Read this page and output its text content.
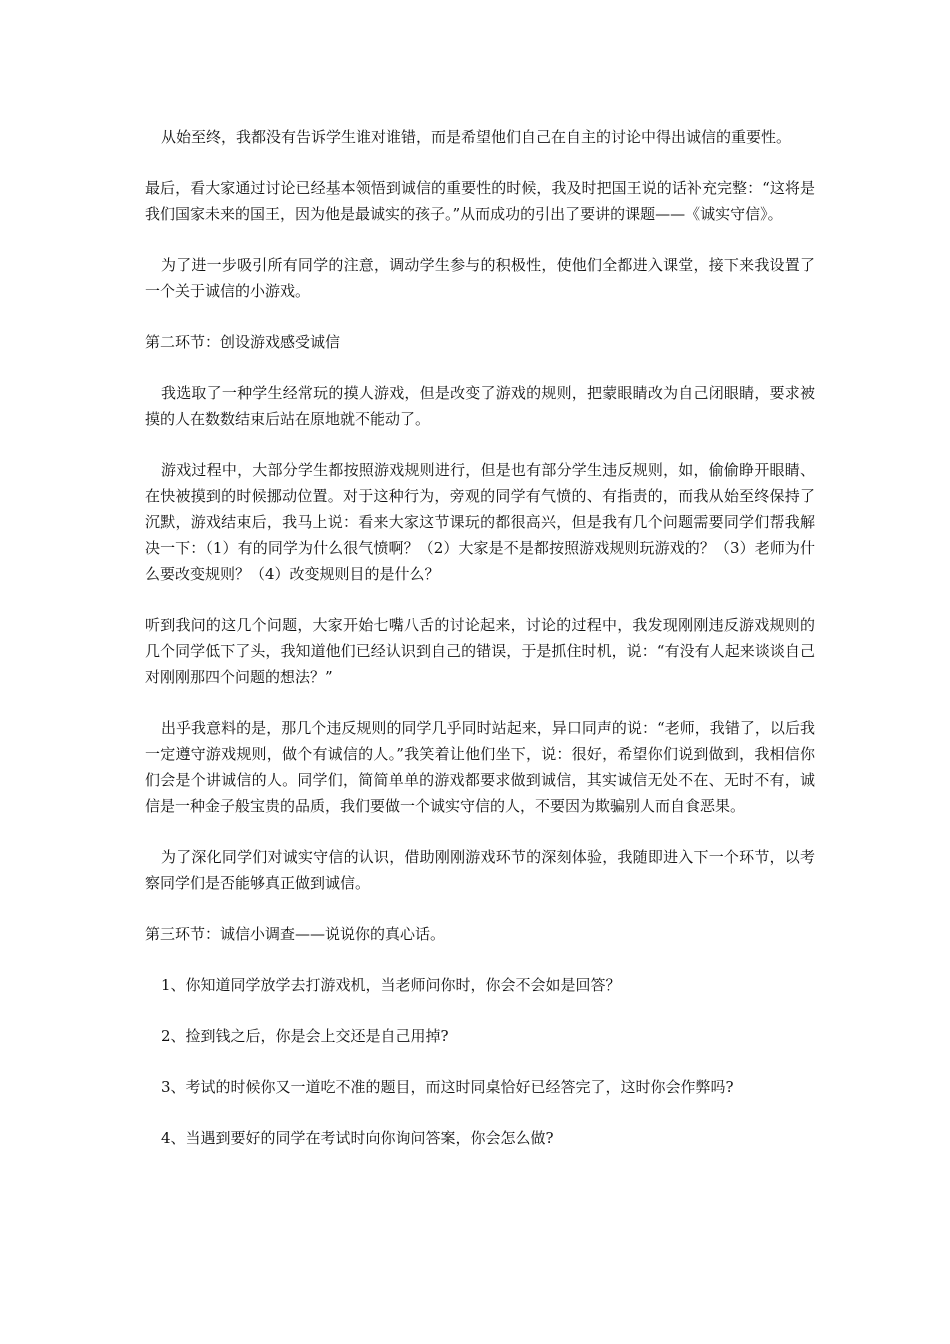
从始至终，我都没有告诉学生谁对谁错，而是希望他们自己在自主的讨论中得出诚信的重要性。

最后，看大家通过讨论已经基本领悟到诚信的重要性的时候，我及时把国王说的话补充完整：“这将是我们国家未来的国王，因为他是最诚实的孩子。”从而成功的引出了要讲的课题——《诚实守信》。

为了进一步吸引所有同学的注意，调动学生参与的积极性，使他们全都进入课堂，接下来我设置了一个关于诚信的小游戏。

第二环节：创设游戏感受诚信

我选取了一种学生经常玩的摸人游戏，但是改变了游戏的规则，把蒙眼睛改为自己闭眼睛，要求被摸的人在数数结束后站在原地就不能动了。

游戏过程中，大部分学生都按照游戏规则进行，但是也有部分学生违反规则，如，偷偷睁开眼睛、在快被摸到的时候挪动位置。对于这种行为，旁观的同学有气愤的、有指责的，而我从始至终保持了沉默，游戏结束后，我马上说：看来大家这节课玩的都很高兴，但是我有几个问题需要同学们帮我解决一下：（1）有的同学为什么很气愤啊？（2）大家是不是都按照游戏规则玩游戏的？（3）老师为什么要改变规则？（4）改变规则目的是什么？

听到我问的这几个问题，大家开始七嘴八舌的讨论起来，讨论的过程中，我发现刚刚违反游戏规则的几个同学低下了头，我知道他们已经认识到自己的错误，于是抓住时机，说：“有没有人起来谈谈自己对刚刚那四个问题的想法？”

出乎我意料的是，那几个违反规则的同学几乎同时站起来，异口同声的说：“老师，我错了，以后我一定遵守游戏规则，做个有诚信的人。”我笑着让他们坐下，说：很好，希望你们说到做到，我相信你们会是个讲诚信的人。同学们，简简单单的游戏都要求做到诚信，其实诚信无处不在、无时不有，诚信是一种金子般宝贵的品质，我们要做一个诚实守信的人，不要因为欺骗别人而自食恶果。

为了深化同学们对诚实守信的认识，借助刚刚游戏环节的深刻体验，我随即进入下一个环节，以考察同学们是否能够真正做到诚信。

第三环节：诚信小调查——说说你的真心话。

1、你知道同学放学去打游戏机，当老师问你时，你会不会如是回答？

2、捡到钱之后，你是会上交还是自己用掉?

3、考试的时候你又一道吃不准的题目，而这时同桌恰好已经答完了，这时你会作弊吗?

4、当遇到要好的同学在考试时向你询问答案，你会怎么做?
